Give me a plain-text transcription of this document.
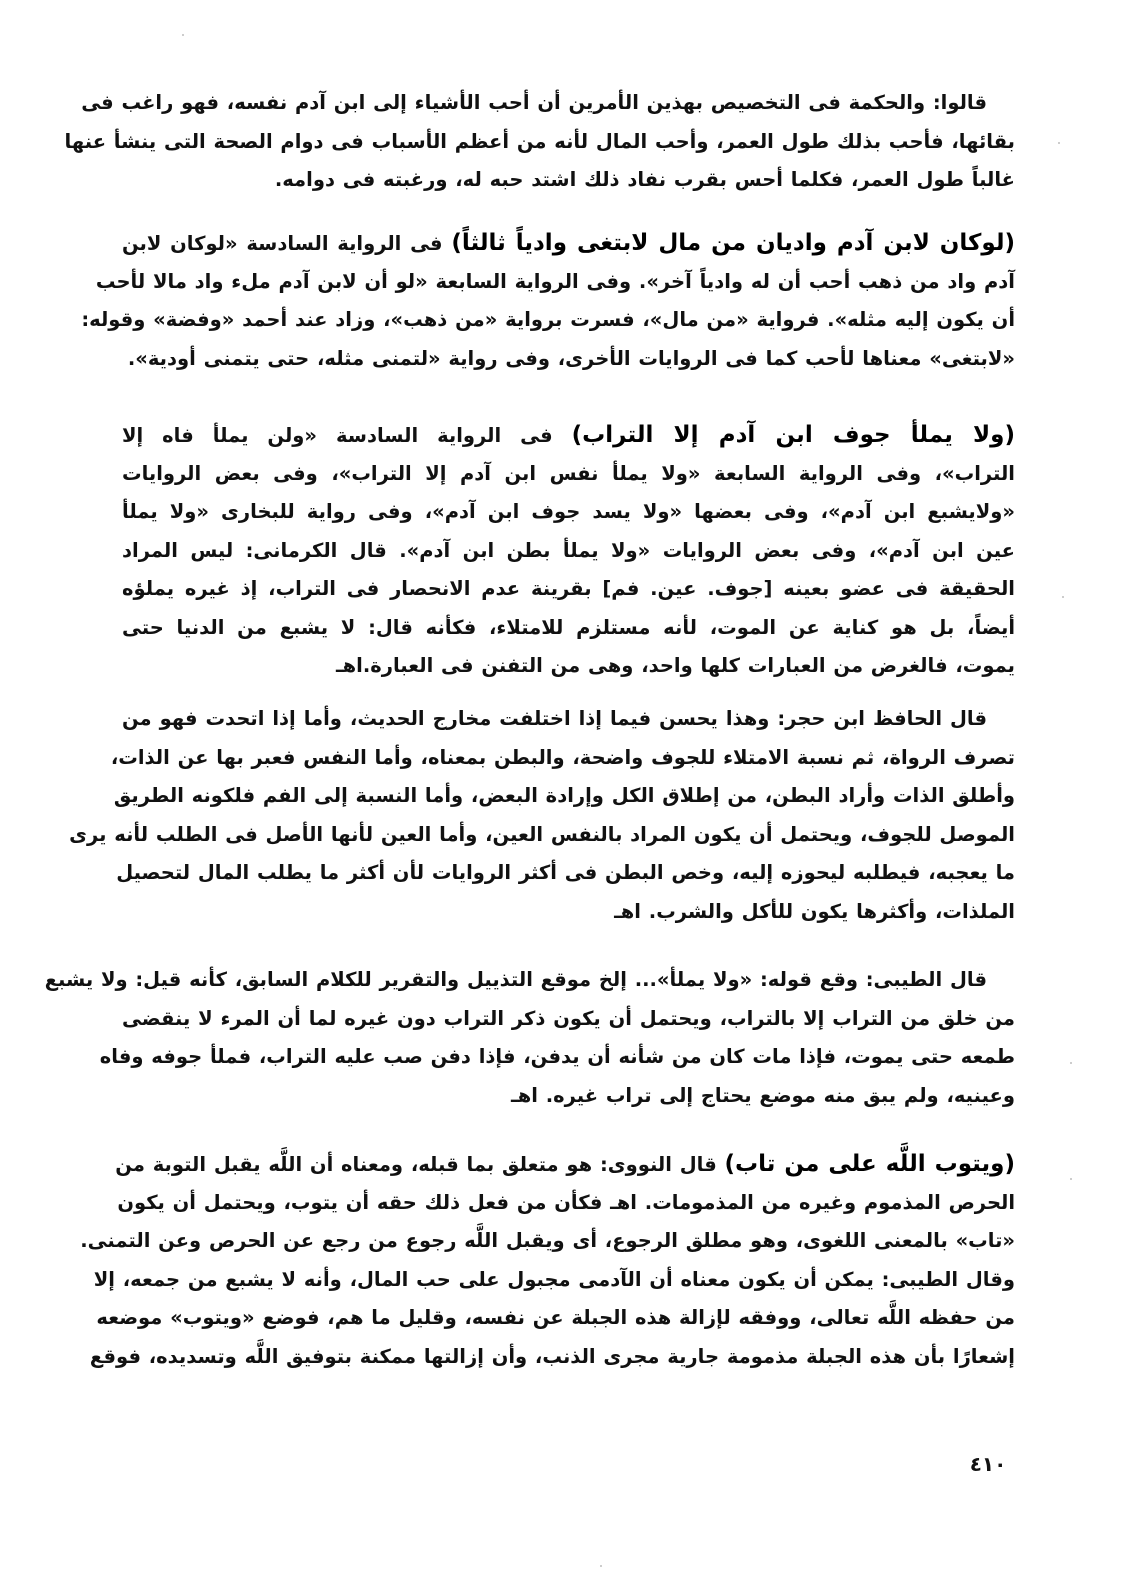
قالوا: والحكمة فى التخصيص بهذين الأمرين أن أحب الأشياء إلى ابن آدم نفسه، فهو راغب فى
بقائها، فأحب بذلك طول العمر، وأحب المال لأنه من أعظم الأسباب فى دوام الصحة التى ينشأ عنها
غالباً طول العمر، فكلما أحس بقرب نفاد ذلك اشتد حبه له، ورغبته فى دوامه.
(لوكان لابن آدم واديان من مال لابتغى وادياً ثالثاً) فى الرواية السادسة «لوكان لابن
آدم واد من ذهب أحب أن له وادياً آخر». وفى الرواية السابعة «لو أن لابن آدم ملء واد مالا لأحب
أن يكون إليه مثله». فرواية «من مال»، فسرت برواية «من ذهب»، وزاد عند أحمد «وفضة» وقوله:
«لابتغى» معناها لأحب كما فى الروايات الأخرى، وفى رواية «لتمنى مثله، حتى يتمنى أودية».
(ولا يملأ جوف ابن آدم إلا التراب) فى الرواية السادسة «ولن يملأ فاه إلا
التراب»، وفى الرواية السابعة «ولا يملأ نفس ابن آدم إلا التراب»، وفى بعض الروايات
«ولايشبع ابن آدم»، وفى بعضها «ولا يسد جوف ابن آدم»، وفى رواية للبخارى «ولا يملأ
عين ابن آدم»، وفى بعض الروايات «ولا يملأ بطن ابن آدم». قال الكرمانى: ليس المراد
الحقيقة فى عضو بعينه [جوف. عين. فم] بقرينة عدم الانحصار فى التراب، إذ غيره يملؤه
أيضاً، بل هو كناية عن الموت، لأنه مستلزم للامتلاء، فكأنه قال: لا يشبع من الدنيا حتى
يموت، فالغرض من العبارات كلها واحد، وهى من التفنن فى العبارة.اهـ
قال الحافظ ابن حجر: وهذا يحسن فيما إذا اختلفت مخارج الحديث، وأما إذا اتحدت فهو من
تصرف الرواة، ثم نسبة الامتلاء للجوف واضحة، والبطن بمعناه، وأما النفس فعبر بها عن الذات،
وأطلق الذات وأراد البطن، من إطلاق الكل وإرادة البعض، وأما النسبة إلى الفم فلكونه الطريق
الموصل للجوف، ويحتمل أن يكون المراد بالنفس العين، وأما العين لأنها الأصل فى الطلب لأنه يرى
ما يعجبه، فيطلبه ليحوزه إليه، وخص البطن فى أكثر الروايات لأن أكثر ما يطلب المال لتحصيل
الملذات، وأكثرها يكون للأكل والشرب. اهـ
قال الطيبى: وقع قوله: «ولا يملأ»... إلخ موقع التذييل والتقرير للكلام السابق، كأنه قيل: ولا يشبع
من خلق من التراب إلا بالتراب، ويحتمل أن يكون ذكر التراب دون غيره لما أن المرء لا ينقضى
طمعه حتى يموت، فإذا مات كان من شأنه أن يدفن، فإذا دفن صب عليه التراب، فملأ جوفه وفاه
وعينيه، ولم يبق منه موضع يحتاج إلى تراب غيره. اهـ
(ويتوب اللَّه على من تاب) قال النووى: هو متعلق بما قبله، ومعناه أن اللَّه يقبل التوبة من
الحرص المذموم وغيره من المذمومات. اهـ فكأن من فعل ذلك حقه أن يتوب، ويحتمل أن يكون
«تاب» بالمعنى اللغوى، وهو مطلق الرجوع، أى ويقبل اللَّه رجوع من رجع عن الحرص وعن التمنى.
وقال الطيبى: يمكن أن يكون معناه أن الآدمى مجبول على حب المال، وأنه لا يشبع من جمعه، إلا
من حفظه اللَّه تعالى، ووفقه لإزالة هذه الجبلة عن نفسه، وقليل ما هم، فوضع «ويتوب» موضعه
إشعارًا بأن هذه الجبلة مذمومة جارية مجرى الذنب، وأن إزالتها ممكنة بتوفيق اللَّه وتسديده، فوقع
٤١٠
